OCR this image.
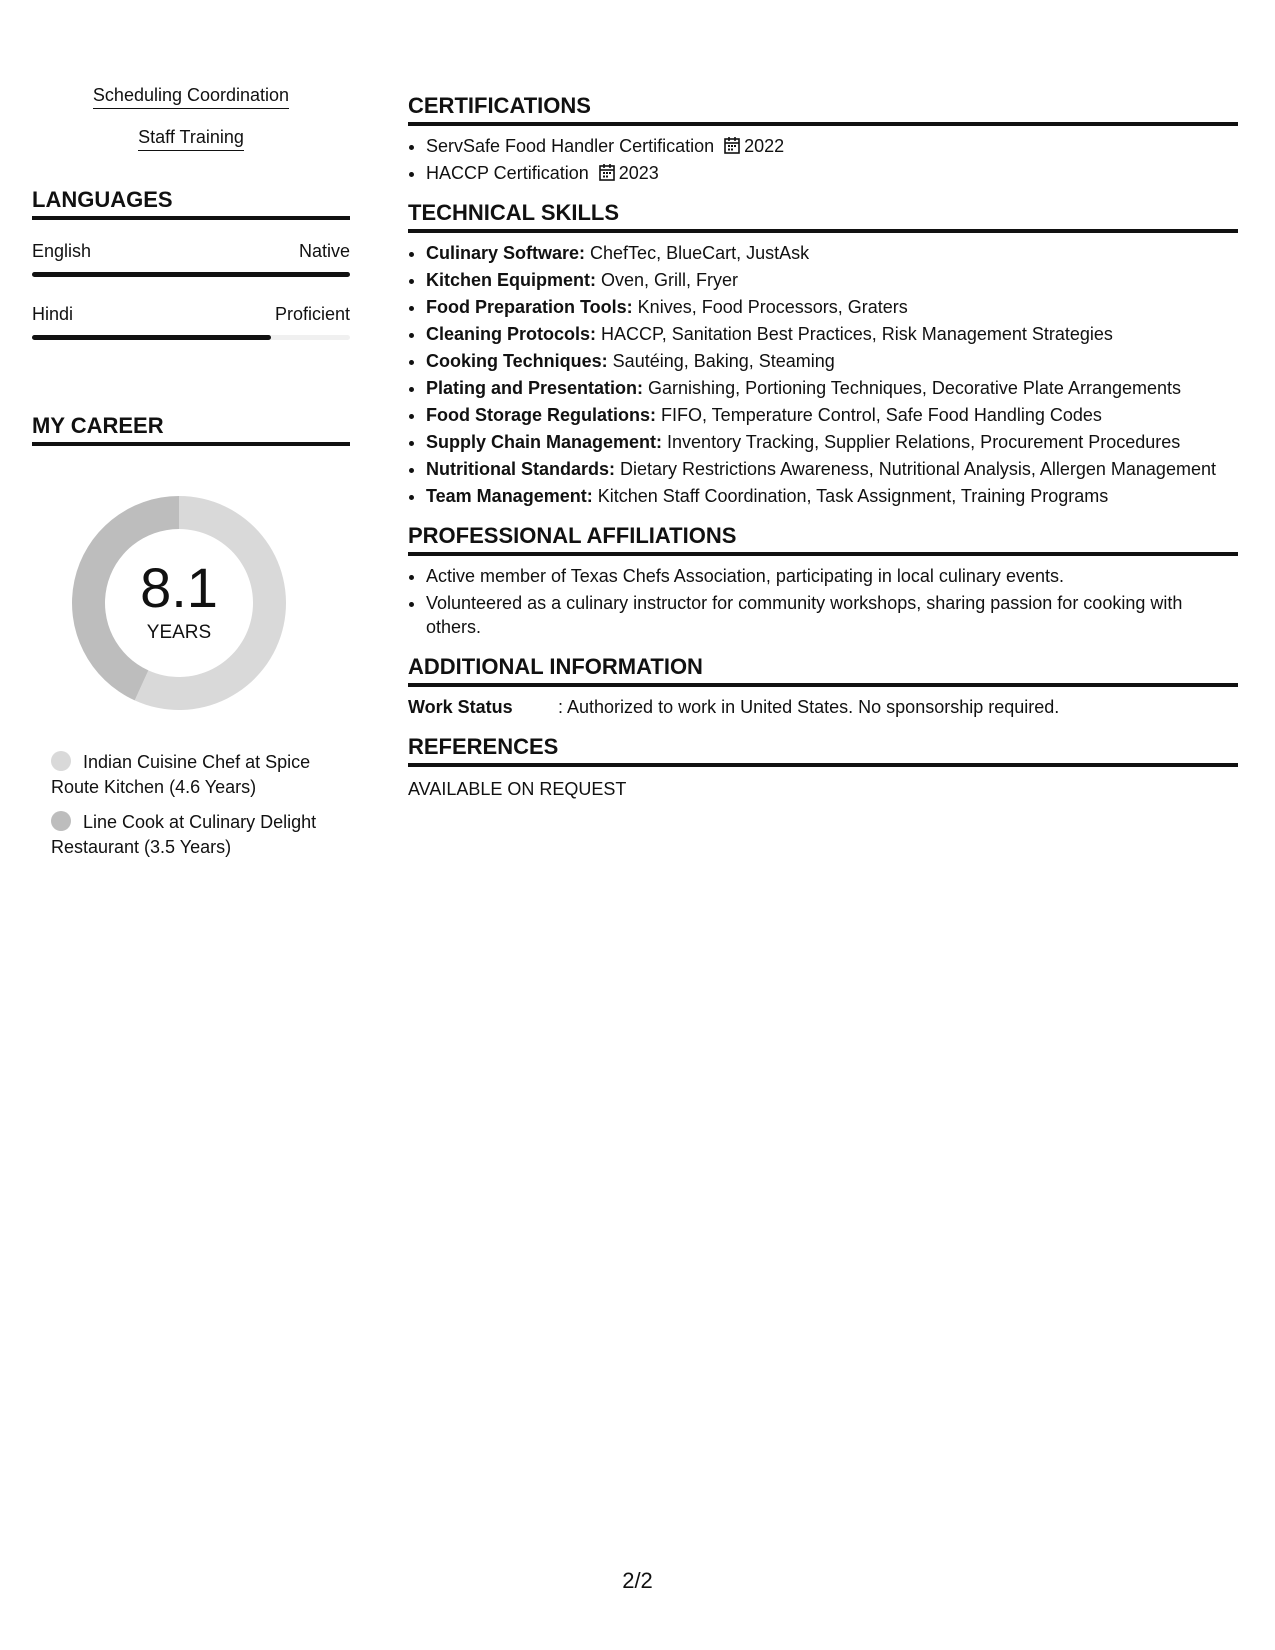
Scheduling Coordination
Staff Training
LANGUAGES
English	Native
Hindi	Proficient
MY CAREER
8.1
YEARS
Indian Cuisine Chef at Spice Route Kitchen (4.6 Years)
Line Cook at Culinary Delight Restaurant (3.5 Years)
CERTIFICATIONS
• ServSafe Food Handler Certification 2022
• HACCP Certification 2023
TECHNICAL SKILLS
• Culinary Software: ChefTec, BlueCart, JustAsk
• Kitchen Equipment: Oven, Grill, Fryer
• Food Preparation Tools: Knives, Food Processors, Graters
• Cleaning Protocols: HACCP, Sanitation Best Practices, Risk Management Strategies
• Cooking Techniques: Sautéing, Baking, Steaming
• Plating and Presentation: Garnishing, Portioning Techniques, Decorative Plate Arrangements
• Food Storage Regulations: FIFO, Temperature Control, Safe Food Handling Codes
• Supply Chain Management: Inventory Tracking, Supplier Relations, Procurement Procedures
• Nutritional Standards: Dietary Restrictions Awareness, Nutritional Analysis, Allergen Management
• Team Management: Kitchen Staff Coordination, Task Assignment, Training Programs
PROFESSIONAL AFFILIATIONS
• Active member of Texas Chefs Association, participating in local culinary events.
• Volunteered as a culinary instructor for community workshops, sharing passion for cooking with others.
ADDITIONAL INFORMATION
Work Status	: Authorized to work in United States. No sponsorship required.
REFERENCES
AVAILABLE ON REQUEST
2/2
